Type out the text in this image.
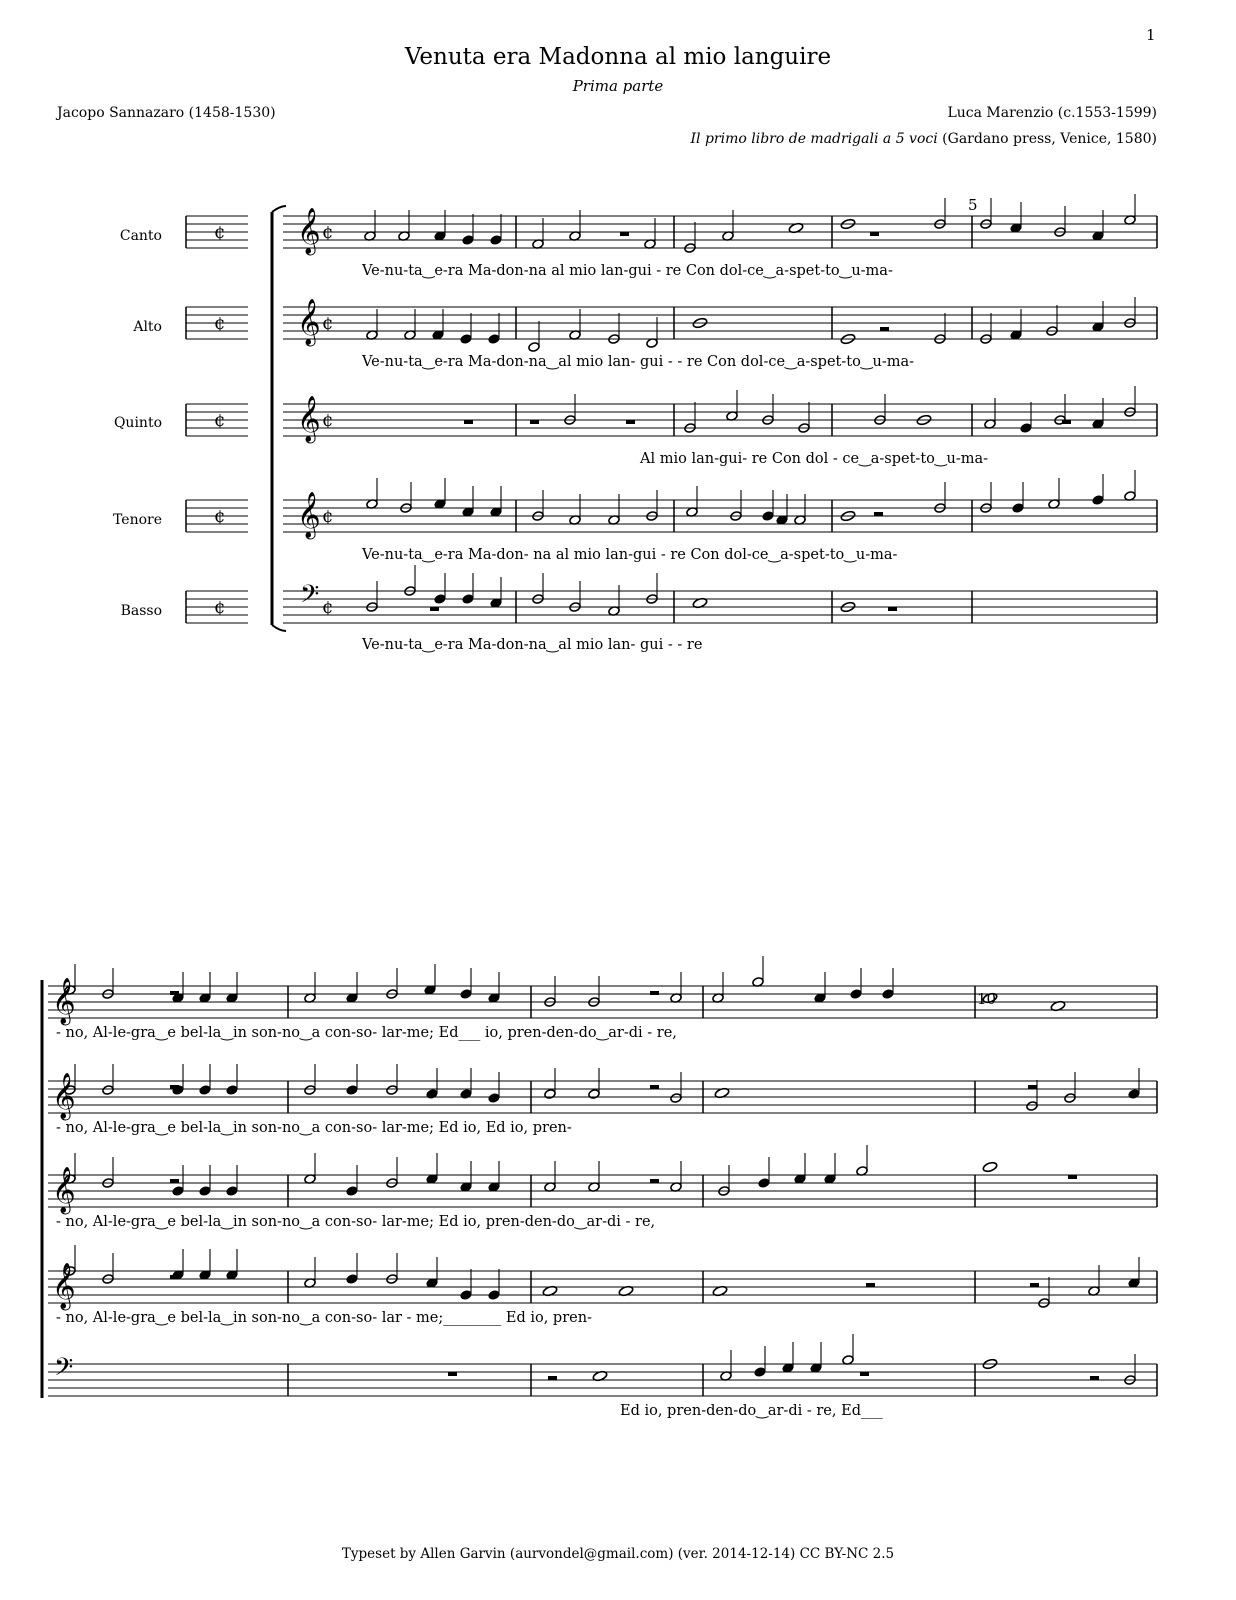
1
Venuta era Madonna al mio languire
Prima parte
Jacopo Sannazaro (1458-1530)	Luca Marenzio (c.1553-1599)
Il primo libro de madrigali a 5 voci (Gardano press, Venice, 1580)
Canto
Alto
Quinto
Tenore
Basso
5
10
Ve-nu-ta‿e-ra Ma-don-na al mio lan-gui - re Con dol-ce‿a-spet-to‿u-ma-
Ve-nu-ta‿e-ra Ma-don-na‿al mio lan- gui - - re Con dol-ce‿a-spet-to‿u-ma-
Al mio lan-gui- re Con dol - ce‿a-spet-to‿u-ma-
Ve-nu-ta‿e-ra Ma-don- na al mio lan-gui - re Con dol-ce‿a-spet-to‿u-ma-
Ve-nu-ta‿e-ra Ma-don-na‿al mio lan- gui - - re
- no, Al-le-gra‿e bel-la‿in son-no‿a con-so- lar-me; Ed___ io, pren-den-do‿ar-di - re,
- no, Al-le-gra‿e bel-la‿in son-no‿a con-so- lar-me; Ed io, Ed io, pren-
- no, Al-le-gra‿e bel-la‿in son-no‿a con-so- lar-me; Ed io, pren-den-do‿ar-di - re,
- no, Al-le-gra‿e bel-la‿in son-no‿a con-so- lar - me;________ Ed io, pren-
Ed io, pren-den-do‿ar-di - re, Ed___
Typeset by Allen Garvin (aurvondel@gmail.com) (ver. 2014-12-14) CC BY-NC 2.5
¢ 𝄞 ¢
¢ 𝄞 ¢
¢ 𝄞 ¢
¢ 𝄞 ¢
¢ 𝄢 ¢
𝄞
𝄞
𝄞
𝄞
𝄢
